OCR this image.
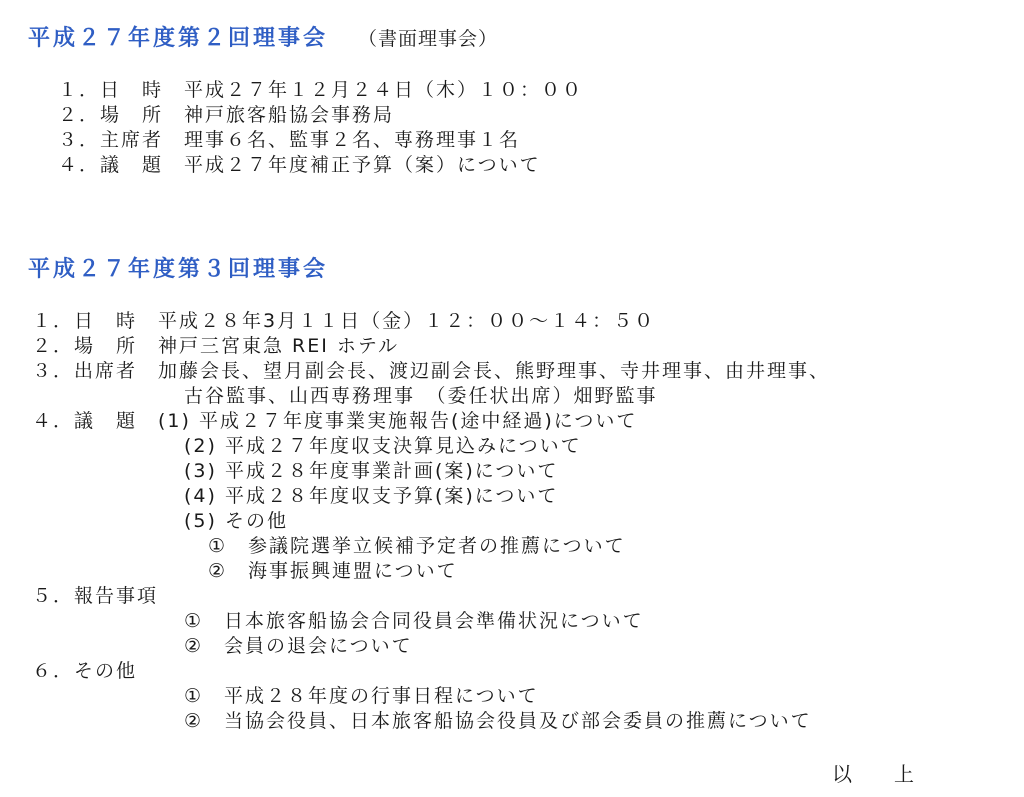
平成２７年度第２回理事会 （書面理事会）

１．日　時　平成２７年１２月２４日（木）１０：００

２．場　所　神戸旅客船協会事務局

３．主席者　理事６名、監事２名、専務理事１名

４．議　題　平成２７年度補正予算（案）について

平成２７年度第３回理事会

１．日　時　平成２８年3月１１日（金）１２：００～１４：５０

２．場　所　神戸三宮東急 REI ホテル

３．出席者　加藤会長、望月副会長、渡辺副会長、熊野理事、寺井理事、由井理事、

古谷監事、山西専務理事　（委任状出席）畑野監事

４．議　題　(1) 平成２７年度事業実施報告(途中経過)について

(2) 平成２７年度収支決算見込みについて

(3) 平成２８年度事業計画(案)について

(4) 平成２８年度収支予算(案)について

(5) その他

①　参議院選挙立候補予定者の推薦について

②　海事振興連盟について

５．報告事項

①　日本旅客船協会合同役員会準備状況について

②　会員の退会について

６．その他

①　平成２８年度の行事日程について

②　当協会役員、日本旅客船協会役員及び部会委員の推薦について

以 上
